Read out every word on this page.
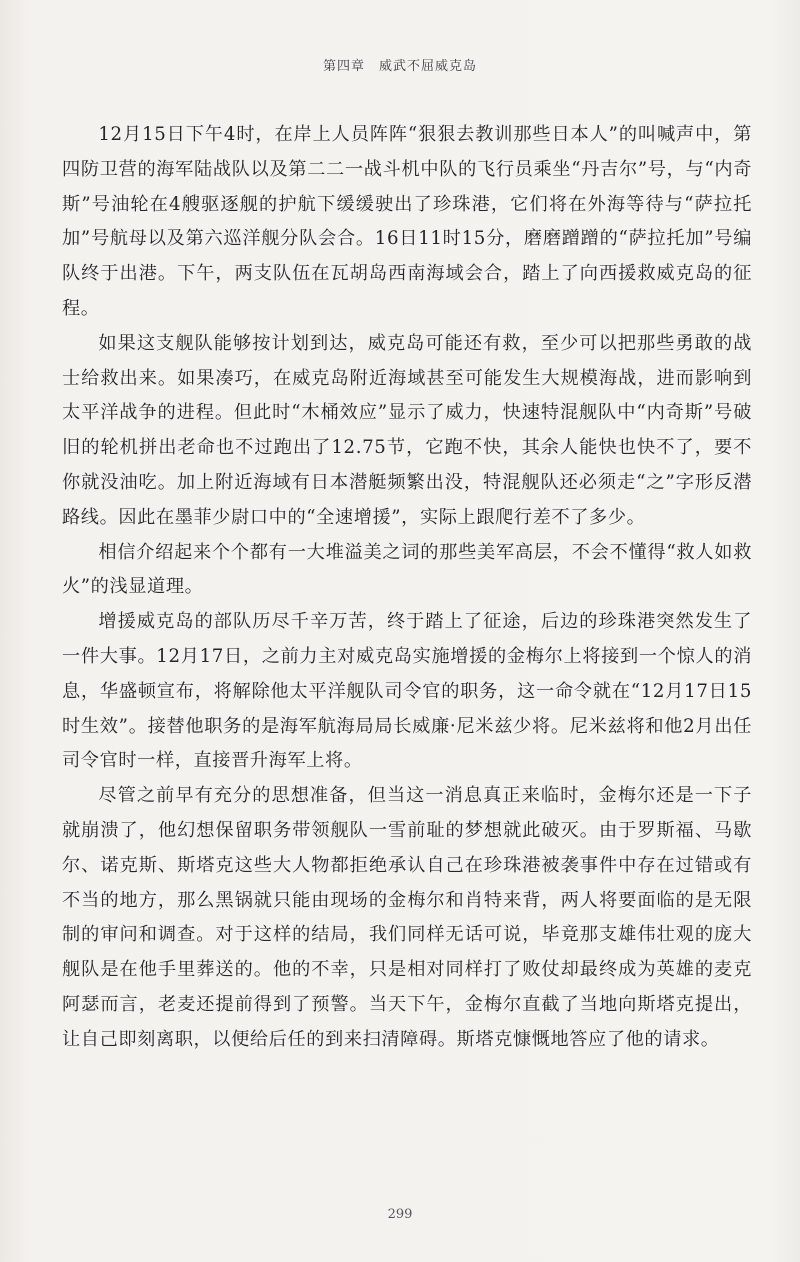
第四章 威武不屈威克岛

12月15日下午4时，在岸上人员阵阵“狠狠去教训那些日本人”的叫喊声中，第四防卫营的海军陆战队以及第二二一战斗机中队的飞行员乘坐“丹吉尔”号，与“内奇斯”号油轮在4艘驱逐舰的护航下缓缓驶出了珍珠港，它们将在外海等待与“萨拉托加”号航母以及第六巡洋舰分队会合。16日11时15分，磨磨蹭蹭的“萨拉托加”号编队终于出港。下午，两支队伍在瓦胡岛西南海域会合，踏上了向西援救威克岛的征程。

如果这支舰队能够按计划到达，威克岛可能还有救，至少可以把那些勇敢的战士给救出来。如果凑巧，在威克岛附近海域甚至可能发生大规模海战，进而影响到太平洋战争的进程。但此时“木桶效应”显示了威力，快速特混舰队中“内奇斯”号破旧的轮机拼出老命也不过跑出了12.75节，它跑不快，其余人能快也快不了，要不你就没油吃。加上附近海域有日本潜艇频繁出没，特混舰队还必须走“之”字形反潜路线。因此在墨菲少尉口中的“全速增援”，实际上跟爬行差不了多少。

相信介绍起来个个都有一大堆溢美之词的那些美军高层，不会不懂得“救人如救火”的浅显道理。

增援威克岛的部队历尽千辛万苦，终于踏上了征途，后边的珍珠港突然发生了一件大事。12月17日，之前力主对威克岛实施增援的金梅尔上将接到一个惊人的消息，华盛顿宣布，将解除他太平洋舰队司令官的职务，这一命令就在“12月17日15时生效”。接替他职务的是海军航海局局长威廉·尼米兹少将。尼米兹将和他2月出任司令官时一样，直接晋升海军上将。

尽管之前早有充分的思想准备，但当这一消息真正来临时，金梅尔还是一下子就崩溃了，他幻想保留职务带领舰队一雪前耻的梦想就此破灭。由于罗斯福、马歇尔、诺克斯、斯塔克这些大人物都拒绝承认自己在珍珠港被袭事件中存在过错或有不当的地方，那么黑锅就只能由现场的金梅尔和肖特来背，两人将要面临的是无限制的审问和调查。对于这样的结局，我们同样无话可说，毕竟那支雄伟壮观的庞大舰队是在他手里葬送的。他的不幸，只是相对同样打了败仗却最终成为英雄的麦克阿瑟而言，老麦还提前得到了预警。当天下午，金梅尔直截了当地向斯塔克提出，让自己即刻离职，以便给后任的到来扫清障碍。斯塔克慷慨地答应了他的请求。

299
